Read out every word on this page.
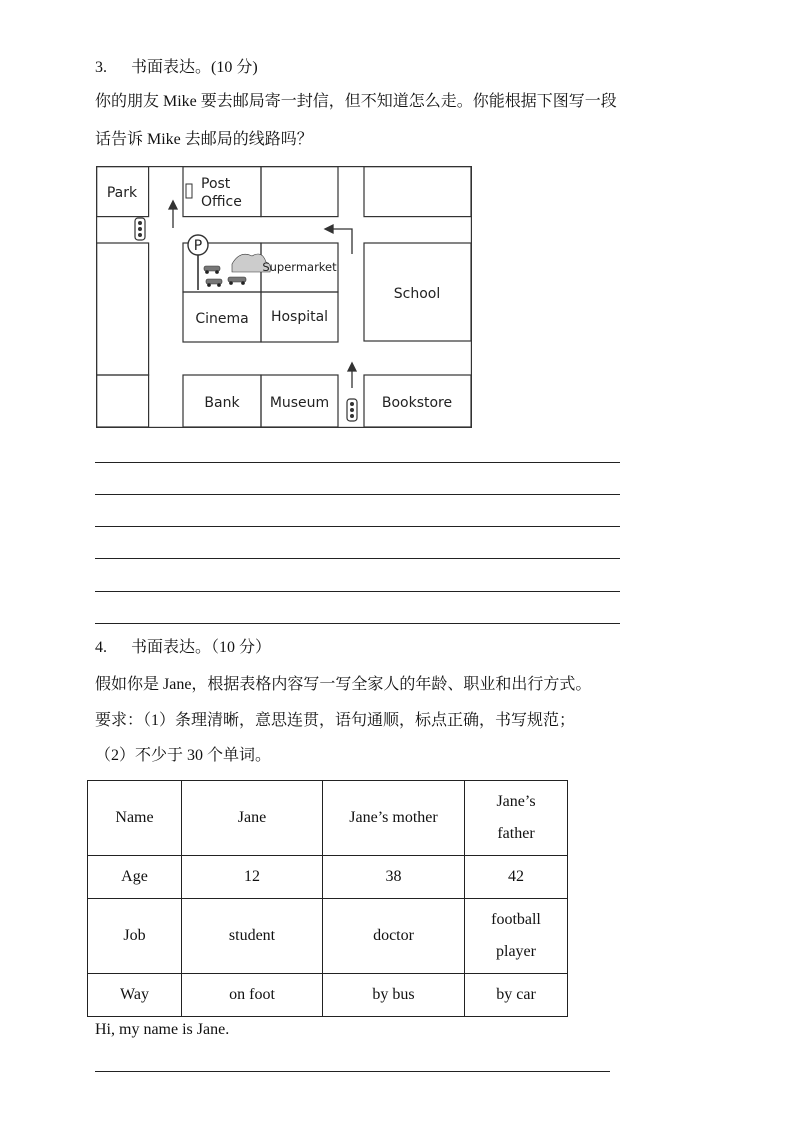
3. 书面表达。(10 分)
你的朋友 Mike 要去邮局寄一封信，但不知道怎么走。你能根据下图写一段
话告诉 Mike 去邮局的线路吗？
P
Park
Post
Office
Supermarket
School
Cinema Hospital
Bank Museum	Bookstore
4. 书面表达。（10 分）
假如你是 Jane，根据表格内容写一写全家人的年龄、职业和出行方式。
要求：（1）条理清晰，意思连贯，语句通顺，标点正确，书写规范；
（2）不少于 30 个单词。
Name	Jane	Jane’s mother	Jane’s
father

Age	12	38	42
Job	student	doctor	football
player

Way	on foot	by bus	by car
Hi, my name is Jane.
